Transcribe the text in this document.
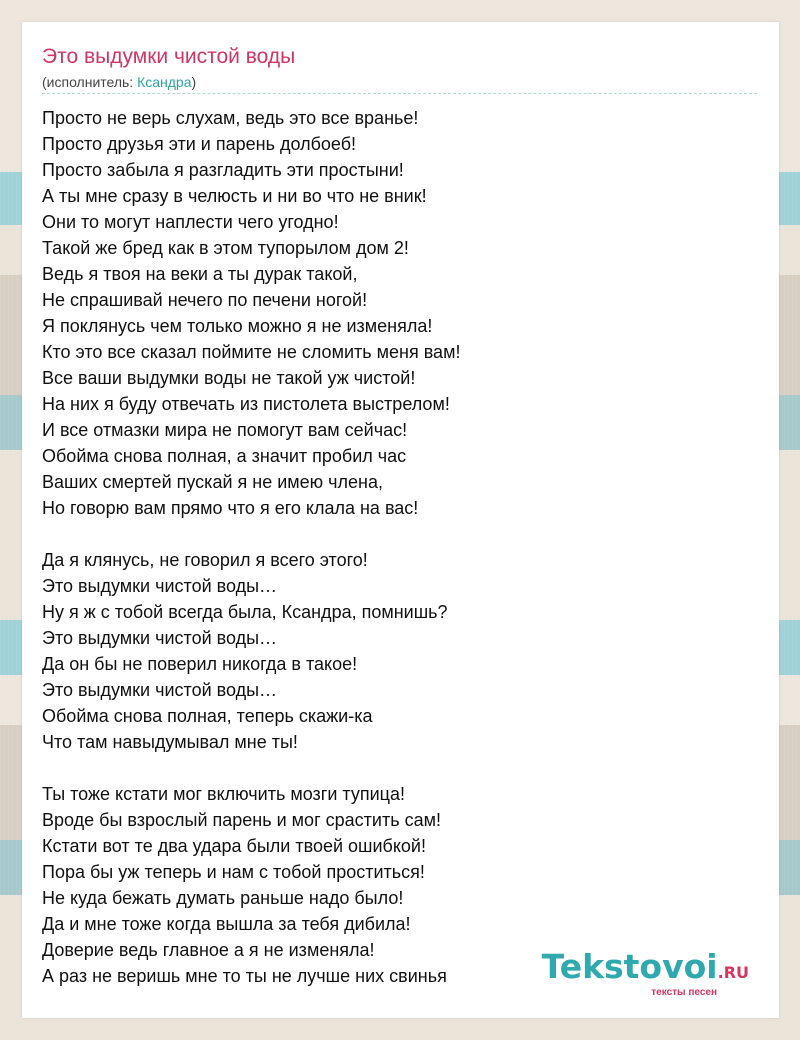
Это выдумки чистой воды
(исполнитель: Ксандра)
Просто не верь слухам, ведь это все вранье!
Просто друзья эти и парень долбоеб!
Просто забыла я разгладить эти простыни!
А ты мне сразу в челюсть и ни во что не вник!
Они то могут наплести чего угодно!
Такой же бред как в этом тупорылом дом 2!
Ведь я твоя на веки а ты дурак такой,
Не спрашивай нечего по печени ногой!
Я поклянусь чем только можно я не изменяла!
Кто это все сказал поймите не сломить меня вам!
Все ваши выдумки воды не такой уж чистой!
На них я буду отвечать из пистолета выстрелом!
И все отмазки мира не помогут вам сейчас!
Обойма снова полная, а значит пробил час
Ваших смертей пускай я не имею члена,
Но говорю вам прямо что я его клала на вас!
Да я клянусь, не говорил я всего этого!
Это выдумки чистой воды…
Ну я ж с тобой всегда была, Ксандра, помнишь?
Это выдумки чистой воды…
Да он бы не поверил никогда в такое!
Это выдумки чистой воды…
Обойма снова полная, теперь скажи-ка
Что там навыдумывал мне ты!
Ты тоже кстати мог включить мозги тупица!
Вроде бы взрослый парень и мог срастить сам!
Кстати вот те два удара были твоей ошибкой!
Пора бы уж теперь и нам с тобой проститься!
Не куда бежать думать раньше надо было!
Да и мне тоже когда вышла за тебя дибила!
Доверие ведь главное а я не изменяла!
А раз не веришь мне то ты не лучше них свинья	Tekstovoi.RU
тексты песен
